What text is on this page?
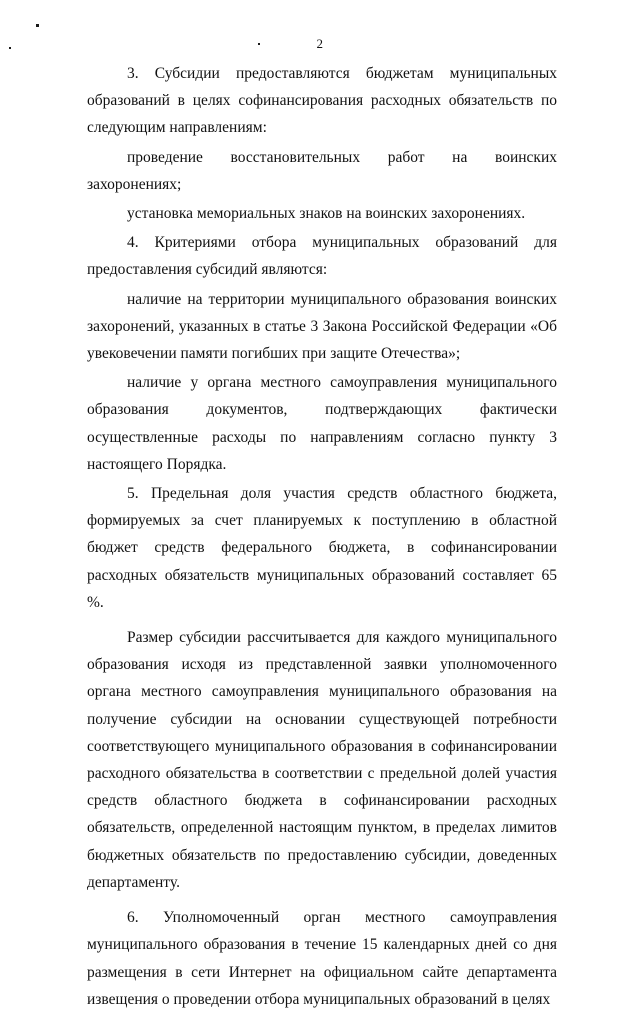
2

3. Субсидии предоставляются бюджетам муниципальных образований в целях софинансирования расходных обязательств по следующим направлениям:

проведение восстановительных работ на воинских захоронениях;

установка мемориальных знаков на воинских захоронениях.

4. Критериями отбора муниципальных образований для предоставления субсидий являются:

наличие на территории муниципального образования воинских захоронений, указанных в статье 3 Закона Российской Федерации «Об увековечении памяти погибших при защите Отечества»;

наличие у органа местного самоуправления муниципального образования документов, подтверждающих фактически осуществленные расходы по направлениям согласно пункту 3 настоящего Порядка.

5. Предельная доля участия средств областного бюджета, формируемых за счет планируемых к поступлению в областной бюджет средств федерального бюджета, в софинансировании расходных обязательств муниципальных образований составляет 65 %.

Размер субсидии рассчитывается для каждого муниципального образования исходя из представленной заявки уполномоченного органа местного самоуправления муниципального образования на получение субсидии на основании существующей потребности соответствующего муниципального образования в софинансировании расходного обязательства в соответствии с предельной долей участия средств областного бюджета в софинансировании расходных обязательств, определенной настоящим пунктом, в пределах лимитов бюджетных обязательств по предоставлению субсидии, доведенных департаменту.

6. Уполномоченный орган местного самоуправления муниципального образования в течение 15 календарных дней со дня размещения в сети Интернет на официальном сайте департамента извещения о проведении отбора муниципальных образований в целях
